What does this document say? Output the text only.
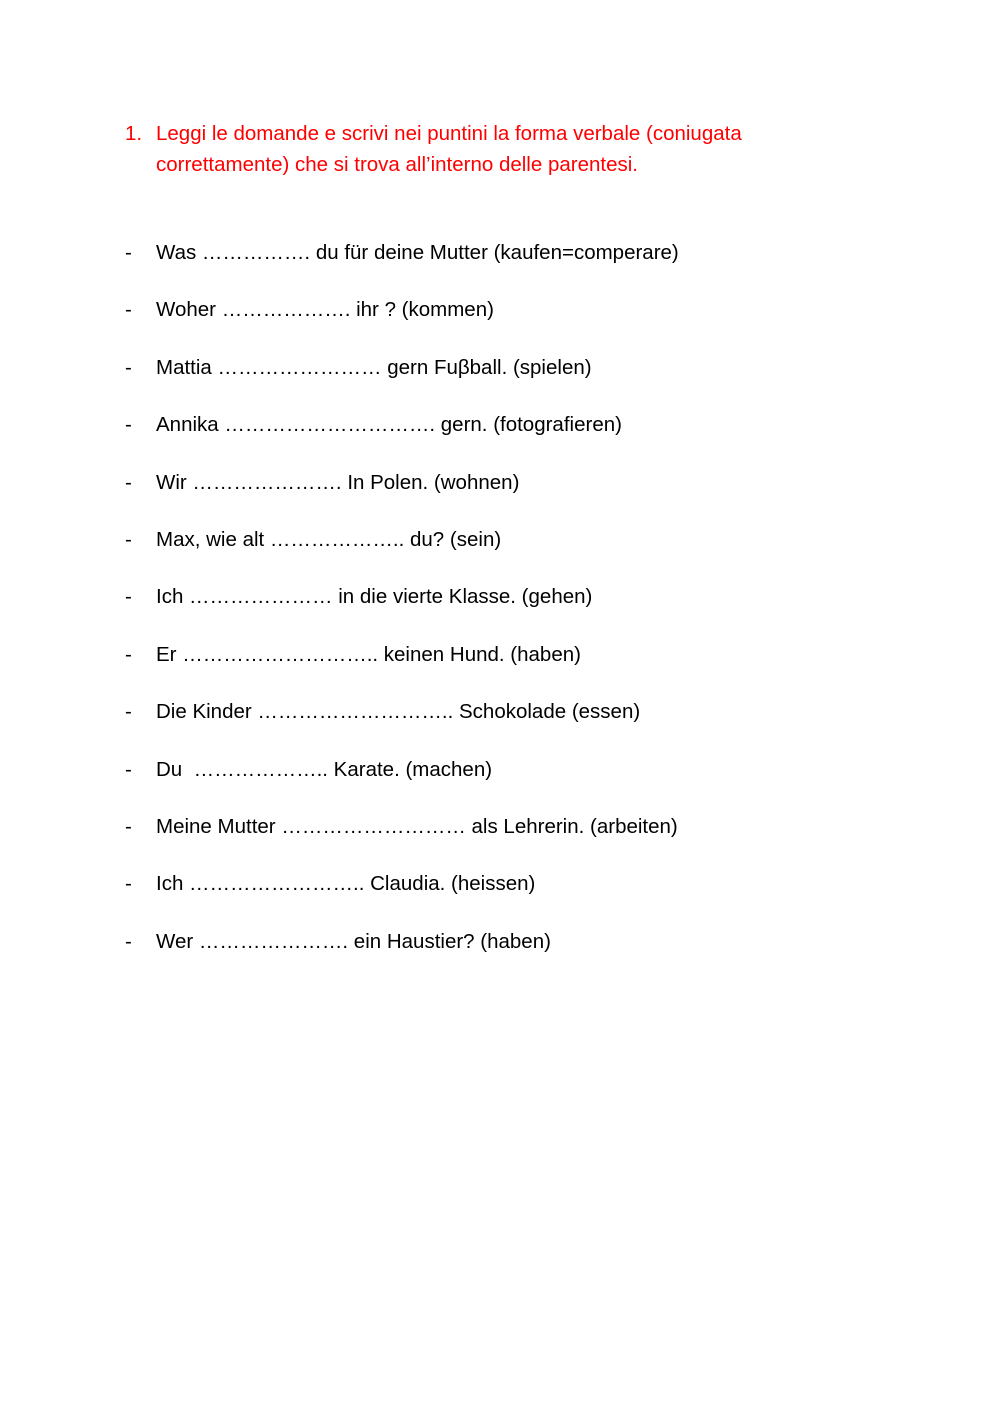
1. Leggi le domande e scrivi nei puntini la forma verbale (coniugata correttamente) che si trova all’interno delle parentesi.
-	Was ……………. du für deine Mutter (kaufen=comperare)
-	Woher ………………. ihr ? (kommen)
-	Mattia …………………… gern Fuβball. (spielen)
-	Annika …………………………. gern. (fotografieren)
-	Wir …………………. In Polen. (wohnen)
-	Max, wie alt ……………….. du? (sein)
-	Ich ………………… in die vierte Klasse. (gehen)
-	Er ……………………….. keinen Hund. (haben)
-	Die Kinder ……………………….. Schokolade (essen)
-	Du  ……………….. Karate. (machen)
-	Meine Mutter ……………………… als Lehrerin. (arbeiten)
-	Ich …………………….. Claudia. (heissen)
-	Wer …………………. ein Haustier? (haben)
